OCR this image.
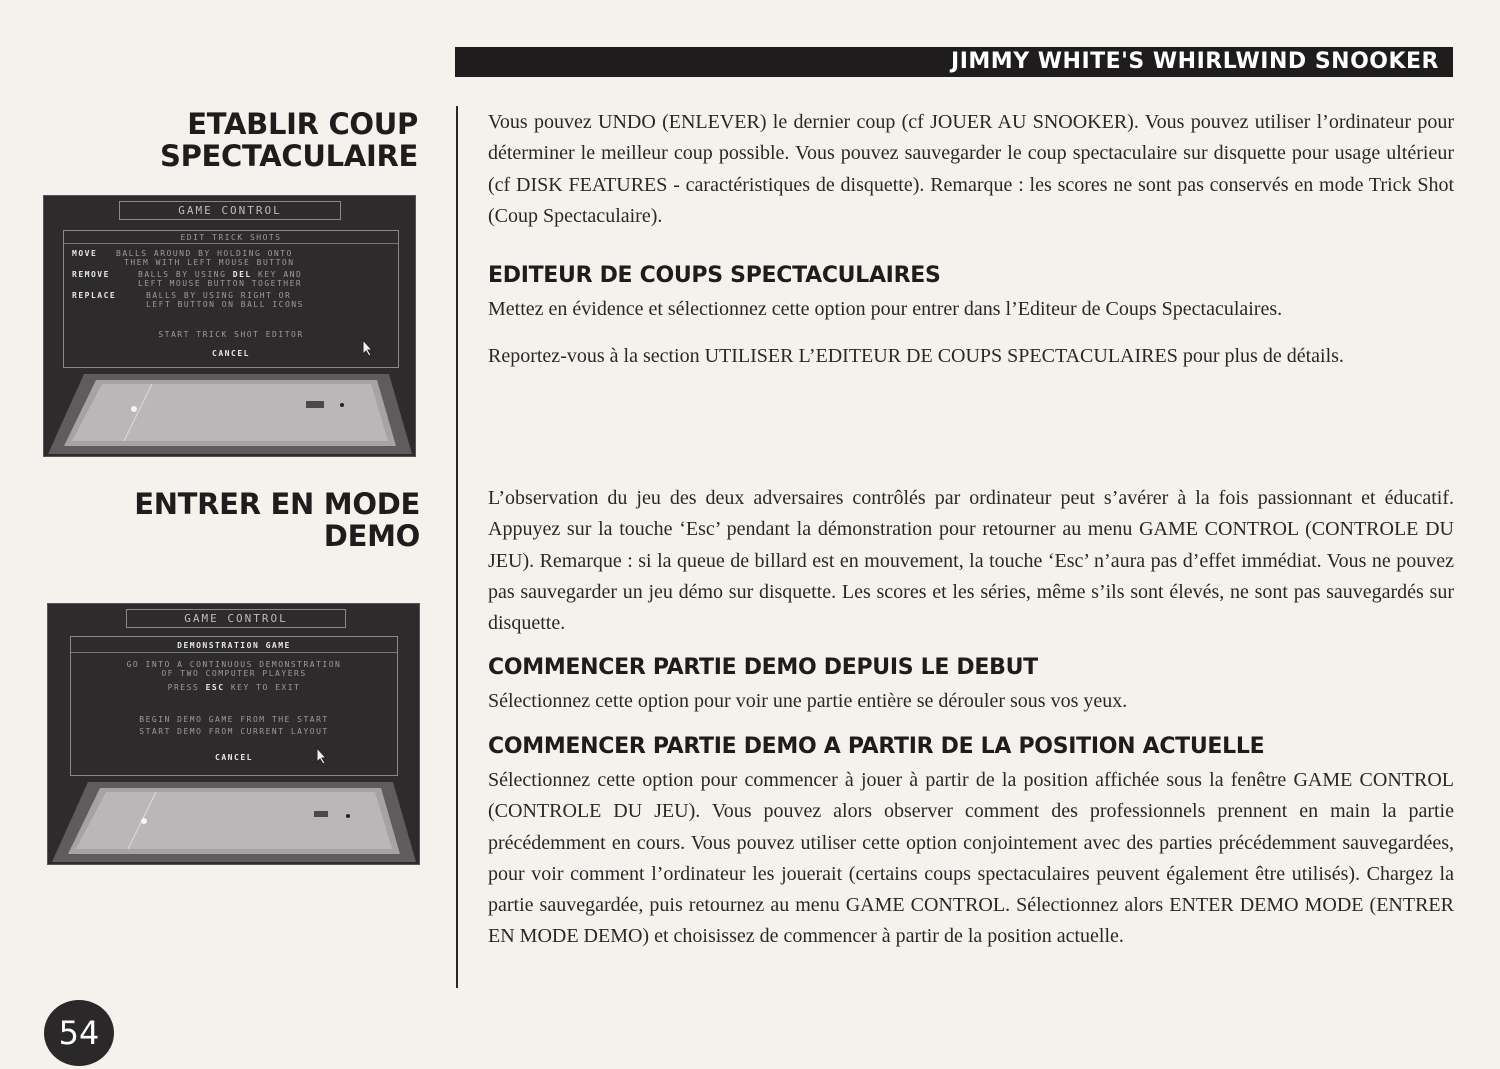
JIMMY WHITE'S WHIRLWIND SNOOKER
ETABLIR COUP
SPECTACULAIRE
GAME CONTROL
EDIT TRICK SHOTS
MOVE BALLS AROUND BY HOLDING ONTO
THEM WITH LEFT MOUSE BUTTON
REMOVE	BALLS BY USING DEL KEY AND
LEFT MOUSE BUTTON TOGETHER
REPLACE	BALLS BY USING RIGHT OR
LEFT BUTTON ON BALL ICONS
START TRICK SHOT EDITOR
CANCEL
ENTRER EN MODE
DEMO
GAME CONTROL
DEMONSTRATION GAME
GO INTO A CONTINUOUS DEMONSTRATION
OF TWO COMPUTER PLAYERS
PRESS ESC KEY TO EXIT
BEGIN DEMO GAME FROM THE START
START DEMO FROM CURRENT LAYOUT
CANCEL
Vous pouvez UNDO (ENLEVER) le dernier coup (cf JOUER AU SNOOKER). Vous pouvez utiliser l’ordinateur pour déterminer le meilleur coup possible. Vous pouvez sauvegarder le coup spectaculaire sur disquette pour usage ultérieur (cf DISK FEATURES - caractéristiques de disquette). Remarque : les scores ne sont pas conservés en mode Trick Shot (Coup Spectaculaire).
EDITEUR DE COUPS SPECTACULAIRES
Mettez en évidence et sélectionnez cette option pour entrer dans l’Editeur de Coups Spectaculaires.
Reportez-vous à la section UTILISER L’EDITEUR DE COUPS SPECTACULAIRES pour plus de détails.
L’observation du jeu des deux adversaires contrôlés par ordinateur peut s’avérer à la fois passionnant et éducatif. Appuyez sur la touche ‘Esc’ pendant la démonstration pour retourner au menu GAME CONTROL (CONTROLE DU JEU). Remarque : si la queue de billard est en mouvement, la touche ‘Esc’ n’aura pas d’effet immédiat. Vous ne pouvez pas sauvegarder un jeu démo sur disquette. Les scores et les séries, même s’ils sont élevés, ne sont pas sauvegardés sur disquette.
COMMENCER PARTIE DEMO DEPUIS LE DEBUT
Sélectionnez cette option pour voir une partie entière se dérouler sous vos yeux.
COMMENCER PARTIE DEMO A PARTIR DE LA POSITION ACTUELLE
Sélectionnez cette option pour commencer à jouer à partir de la position affichée sous la fenêtre GAME CONTROL (CONTROLE DU JEU). Vous pouvez alors observer comment des professionnels prennent en main la partie précédemment en cours. Vous pouvez utiliser cette option conjointement avec des parties précédemment sauvegardées, pour voir comment l’ordinateur les jouerait (certains coups spectaculaires peuvent également être utilisés). Chargez la partie sauvegardée, puis retournez au menu GAME CONTROL. Sélectionnez alors ENTER DEMO MODE (ENTRER EN MODE DEMO) et choisissez de commencer à partir de la position actuelle.
54
